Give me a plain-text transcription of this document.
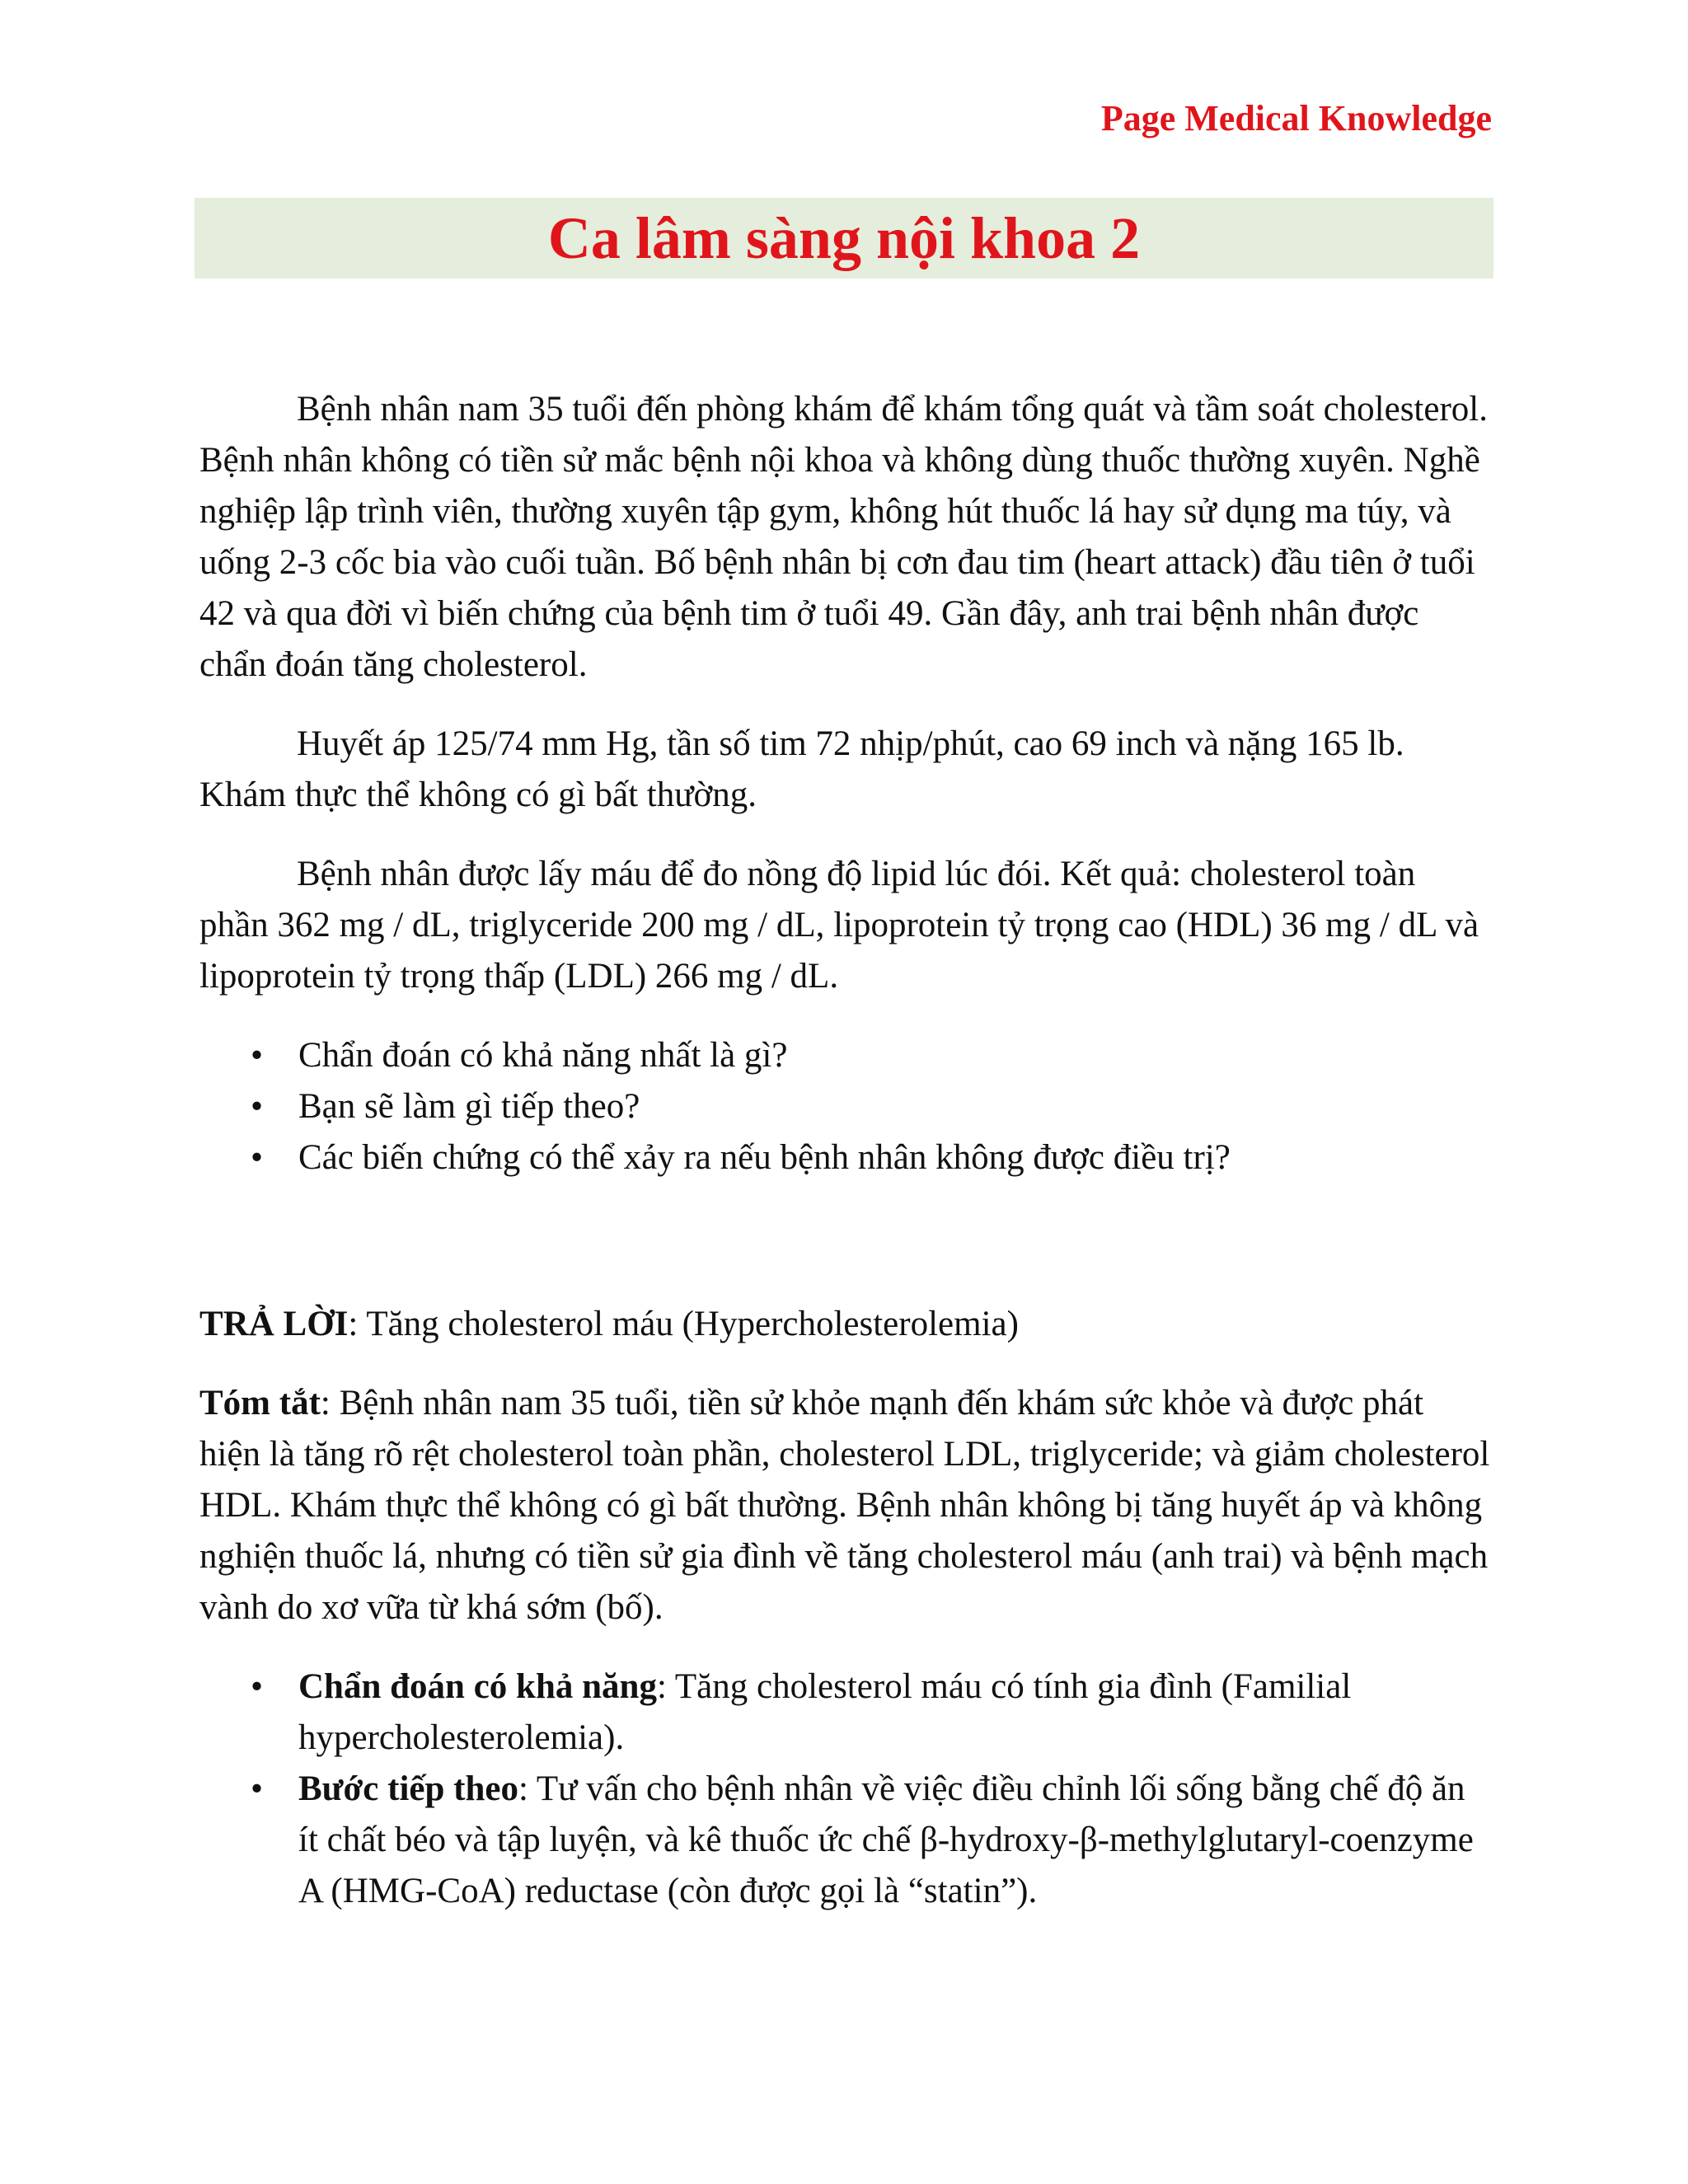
Page Medical Knowledge
Ca lâm sàng nội khoa 2

Bệnh nhân nam 35 tuổi đến phòng khám để khám tổng quát và tầm soát cholesterol. Bệnh nhân không có tiền sử mắc bệnh nội khoa và không dùng thuốc thường xuyên. Nghề nghiệp lập trình viên, thường xuyên tập gym, không hút thuốc lá hay sử dụng ma túy, và uống 2-3 cốc bia vào cuối tuần. Bố bệnh nhân bị cơn đau tim (heart attack) đầu tiên ở tuổi 42 và qua đời vì biến chứng của bệnh tim ở tuổi 49. Gần đây, anh trai bệnh nhân được chẩn đoán tăng cholesterol.

Huyết áp 125/74 mm Hg, tần số tim 72 nhịp/phút, cao 69 inch và nặng 165 lb. Khám thực thể không có gì bất thường.

Bệnh nhân được lấy máu để đo nồng độ lipid lúc đói. Kết quả: cholesterol toàn phần 362 mg / dL, triglyceride 200 mg / dL, lipoprotein tỷ trọng cao (HDL) 36 mg / dL và lipoprotein tỷ trọng thấp (LDL) 266 mg / dL.

• Chẩn đoán có khả năng nhất là gì?
• Bạn sẽ làm gì tiếp theo?
• Các biến chứng có thể xảy ra nếu bệnh nhân không được điều trị?

TRẢ LỜI: Tăng cholesterol máu (Hypercholesterolemia)

Tóm tắt: Bệnh nhân nam 35 tuổi, tiền sử khỏe mạnh đến khám sức khỏe và được phát hiện là tăng rõ rệt cholesterol toàn phần, cholesterol LDL, triglyceride; và giảm cholesterol HDL. Khám thực thể không có gì bất thường. Bệnh nhân không bị tăng huyết áp và không nghiện thuốc lá, nhưng có tiền sử gia đình về tăng cholesterol máu (anh trai) và bệnh mạch vành do xơ vữa từ khá sớm (bố).

• Chẩn đoán có khả năng: Tăng cholesterol máu có tính gia đình (Familial hypercholesterolemia).
• Bước tiếp theo: Tư vấn cho bệnh nhân về việc điều chỉnh lối sống bằng chế độ ăn ít chất béo và tập luyện, và kê thuốc ức chế β-hydroxy-β-methylglutaryl-coenzyme A (HMG-CoA) reductase (còn được gọi là “statin”).
